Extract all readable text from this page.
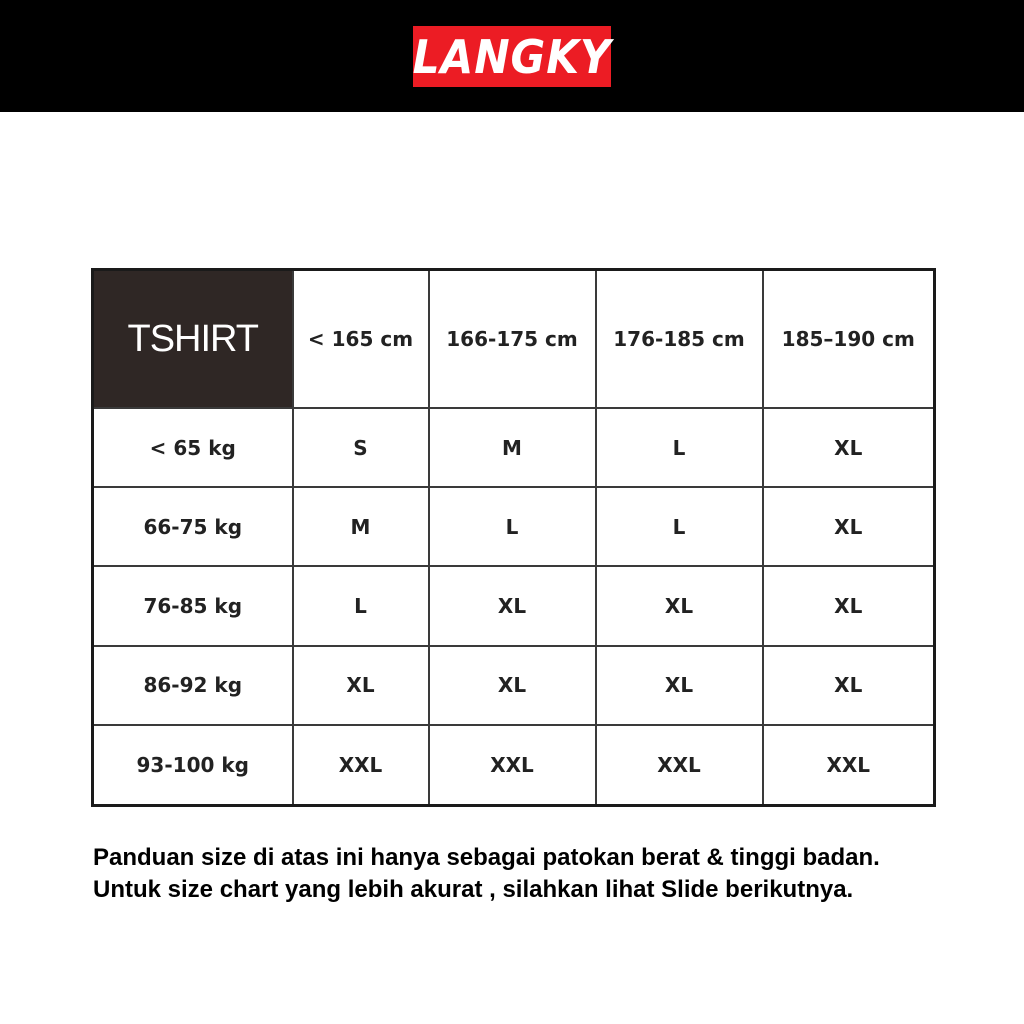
LANGKY
TSHIRT	< 165 cm	166-175 cm	176-185 cm	185–190 cm
< 65 kg	S	M	L	XL
66-75 kg	M	L	L	XL
76-85 kg	L	XL	XL	XL
86-92 kg	XL	XL	XL	XL
93-100 kg	XXL	XXL	XXL	XXL
Panduan size di atas ini hanya sebagai patokan berat & tinggi badan.
Untuk size chart yang lebih akurat , silahkan lihat Slide berikutnya.
